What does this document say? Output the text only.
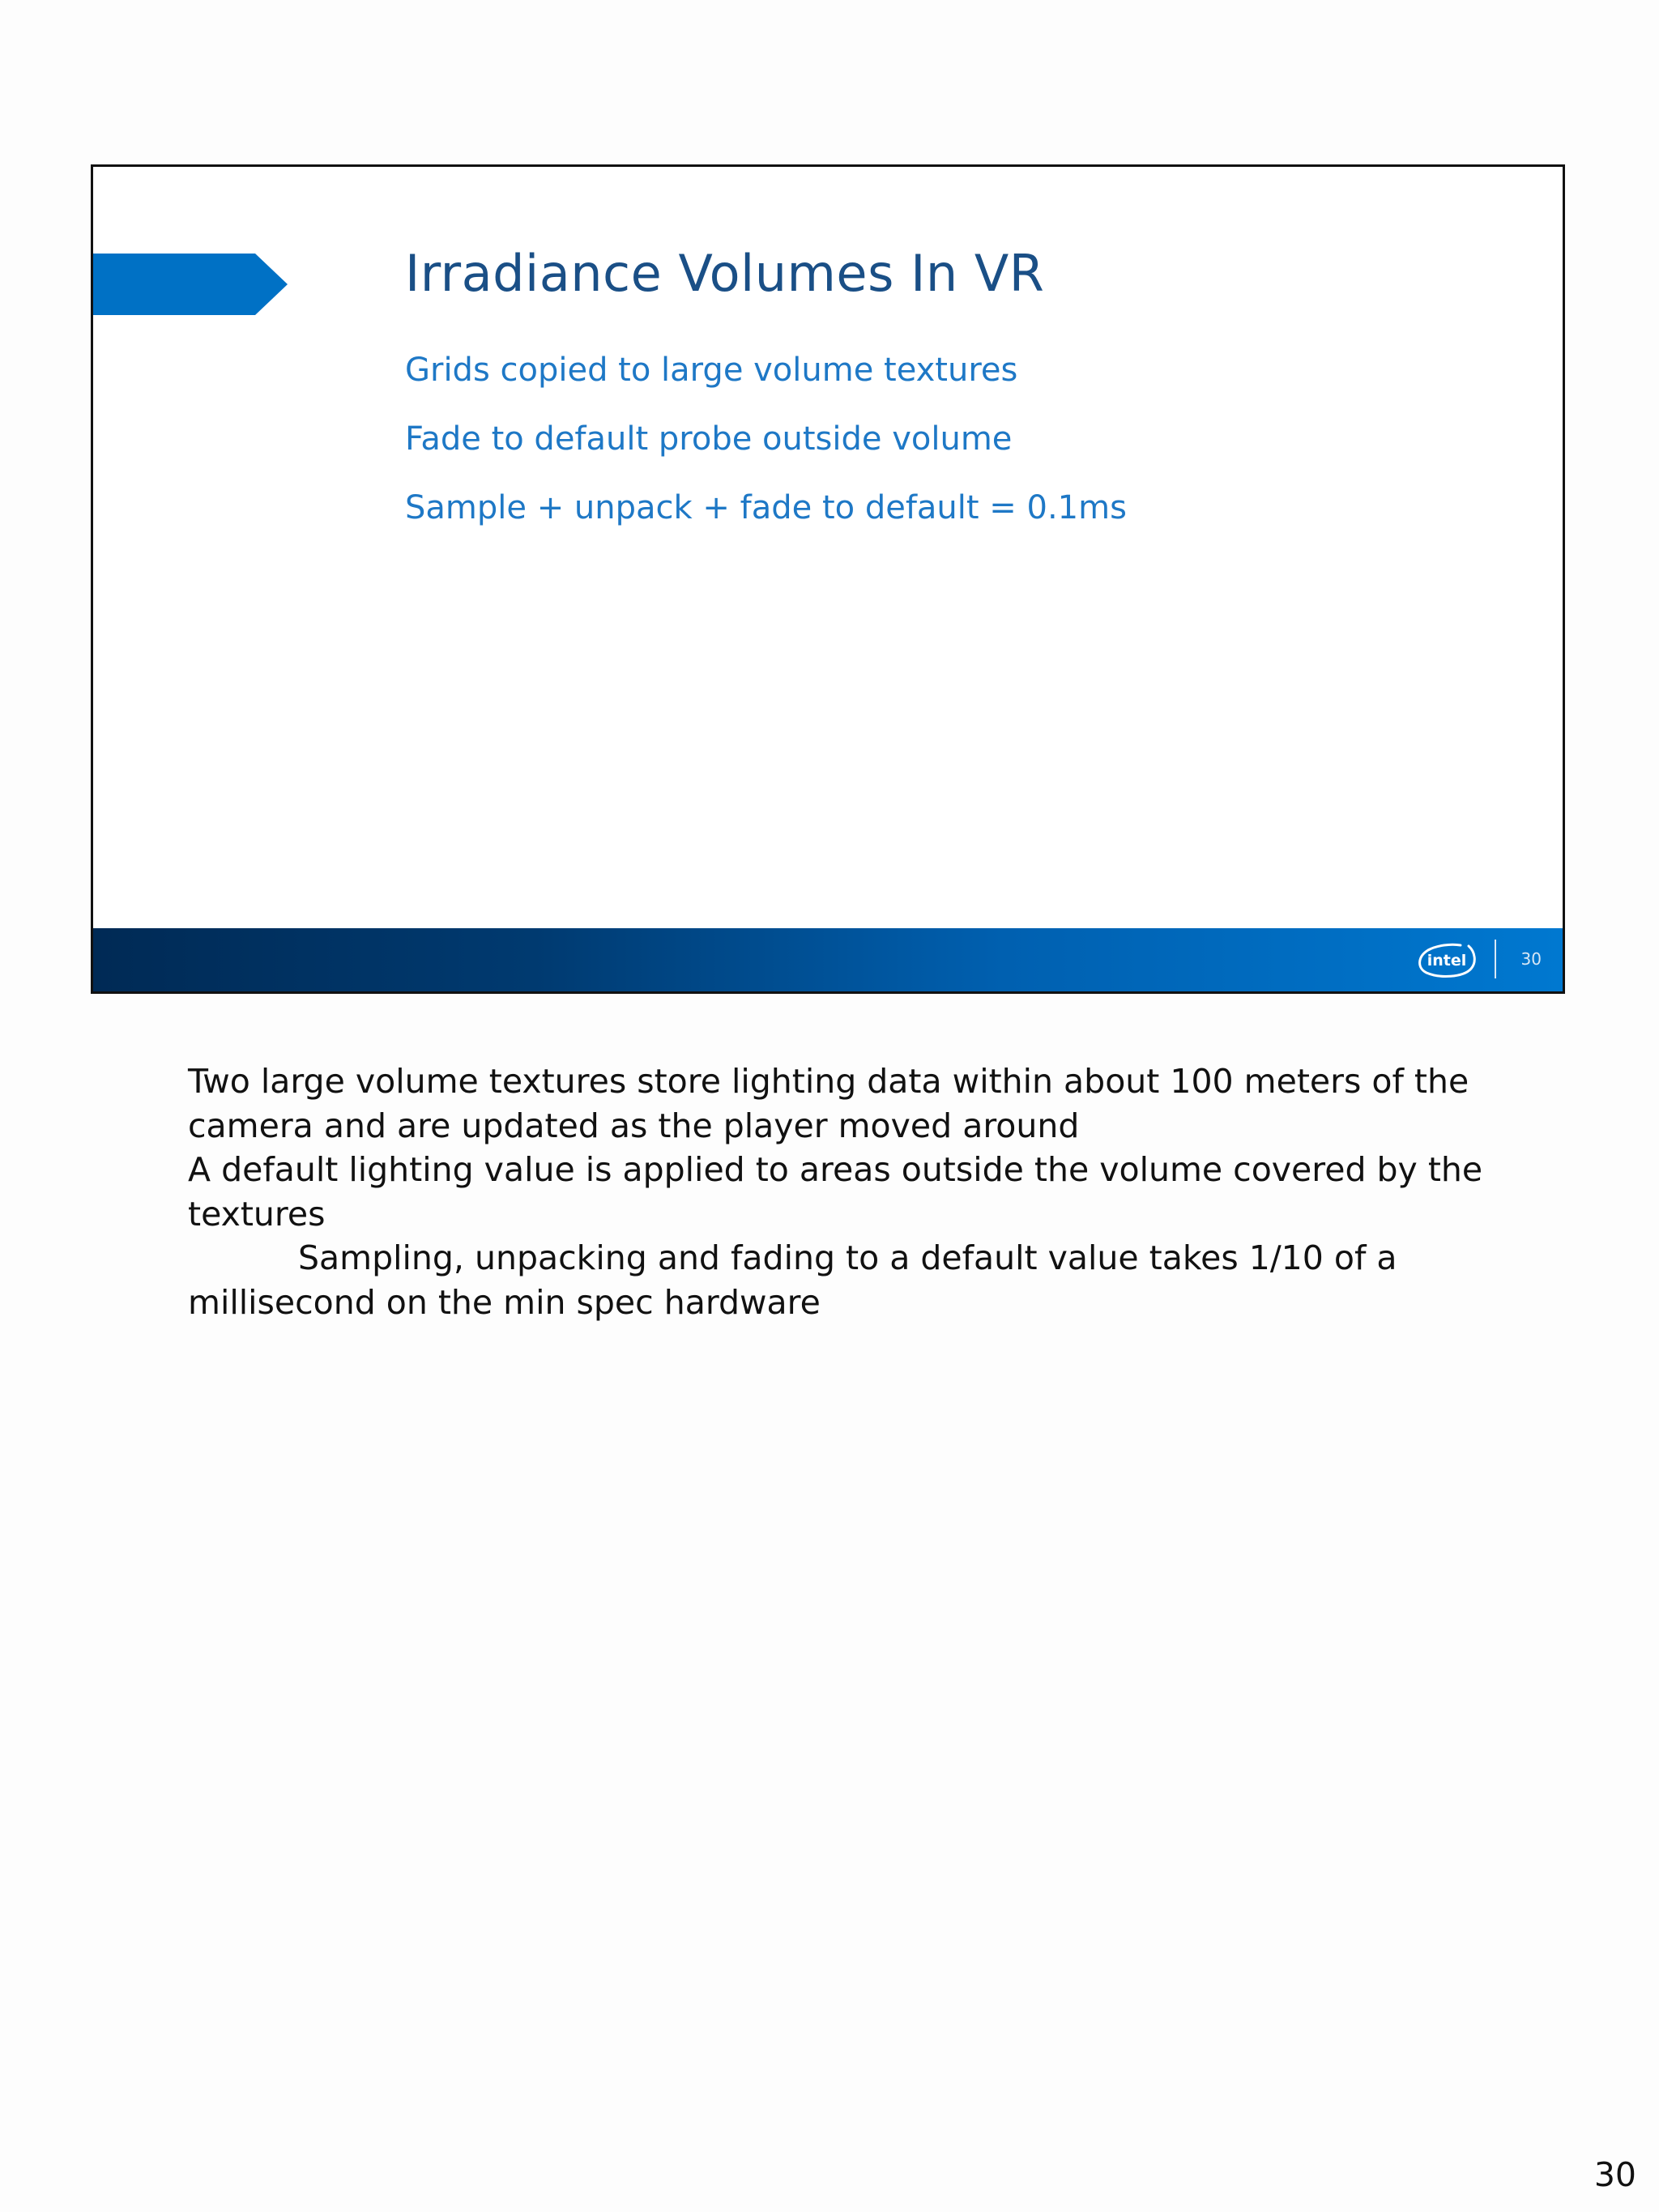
Irradiance Volumes In VR
Grids copied to large volume textures
Fade to default probe outside volume
Sample + unpack + fade to default = 0.1ms
intel	30

Two large volume textures store lighting data within about 100 meters of the camera and are updated as the player moved around

A default lighting value is applied to areas outside the volume covered by the textures

Sampling, unpacking and fading to a default value takes 1/10 of a millisecond on the min spec hardware

30
